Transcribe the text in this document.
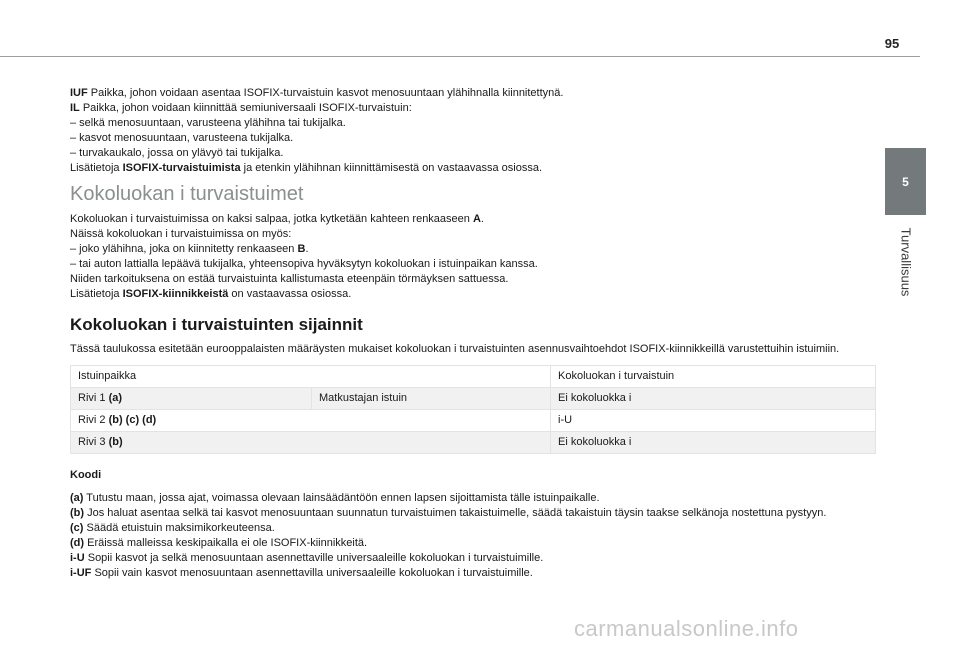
95
5
Turvallisuus

IUF Paikka, johon voidaan asentaa ISOFIX-turvaistuin kasvot menosuuntaan ylähihnalla kiinnitettynä.

IL Paikka, johon voidaan kiinnittää semiuniversaali ISOFIX-turvaistuin:

– selkä menosuuntaan, varusteena ylähihna tai tukijalka.

– kasvot menosuuntaan, varusteena tukijalka.

– turvakaukalo, jossa on ylävyö tai tukijalka.

Lisätietoja ISOFIX-turvaistuimista ja etenkin ylähihnan kiinnittämisestä on vastaavassa osiossa.

Kokoluokan i turvaistuimet

Kokoluokan i turvaistuimissa on kaksi salpaa, jotka kytketään kahteen renkaaseen A.

Näissä kokoluokan i turvaistuimissa on myös:

– joko ylähihna, joka on kiinnitetty renkaaseen B.

– tai auton lattialla lepäävä tukijalka, yhteensopiva hyväksytyn kokoluokan i istuinpaikan kanssa.

Niiden tarkoituksena on estää turvaistuinta kallistumasta eteenpäin törmäyksen sattuessa.

Lisätietoja ISOFIX-kiinnikkeistä on vastaavassa osiossa.

Kokoluokan i turvaistuinten sijainnit

Tässä taulukossa esitetään eurooppalaisten määräysten mukaiset kokoluokan i turvaistuinten asennusvaihtoehdot ISOFIX-kiinnikkeillä varustettuihin istuimiin.

Istuinpaikka		Kokoluokan i turvaistuin
Rivi 1 (a)	Matkustajan istuin	Ei kokoluokka i
Rivi 2 (b) (c) (d)		i-U
Rivi 3 (b)		Ei kokoluokka i
Koodi

(a) Tutustu maan, jossa ajat, voimassa olevaan lainsäädäntöön ennen lapsen sijoittamista tälle istuinpaikalle.

(b) Jos haluat asentaa selkä tai kasvot menosuuntaan suunnatun turvaistuimen takaistuimelle, säädä takaistuin täysin taakse selkänoja nostettuna pystyyn.

(c) Säädä etuistuin maksimikorkeuteensa.

(d) Eräissä malleissa keskipaikalla ei ole ISOFIX-kiinnikkeitä.

i-U Sopii kasvot ja selkä menosuuntaan asennettaville universaaleille kokoluokan i turvaistuimille.

i-UF Sopii vain kasvot menosuuntaan asennettavilla universaaleille kokoluokan i turvaistuimille.

carmanualsonline.info
